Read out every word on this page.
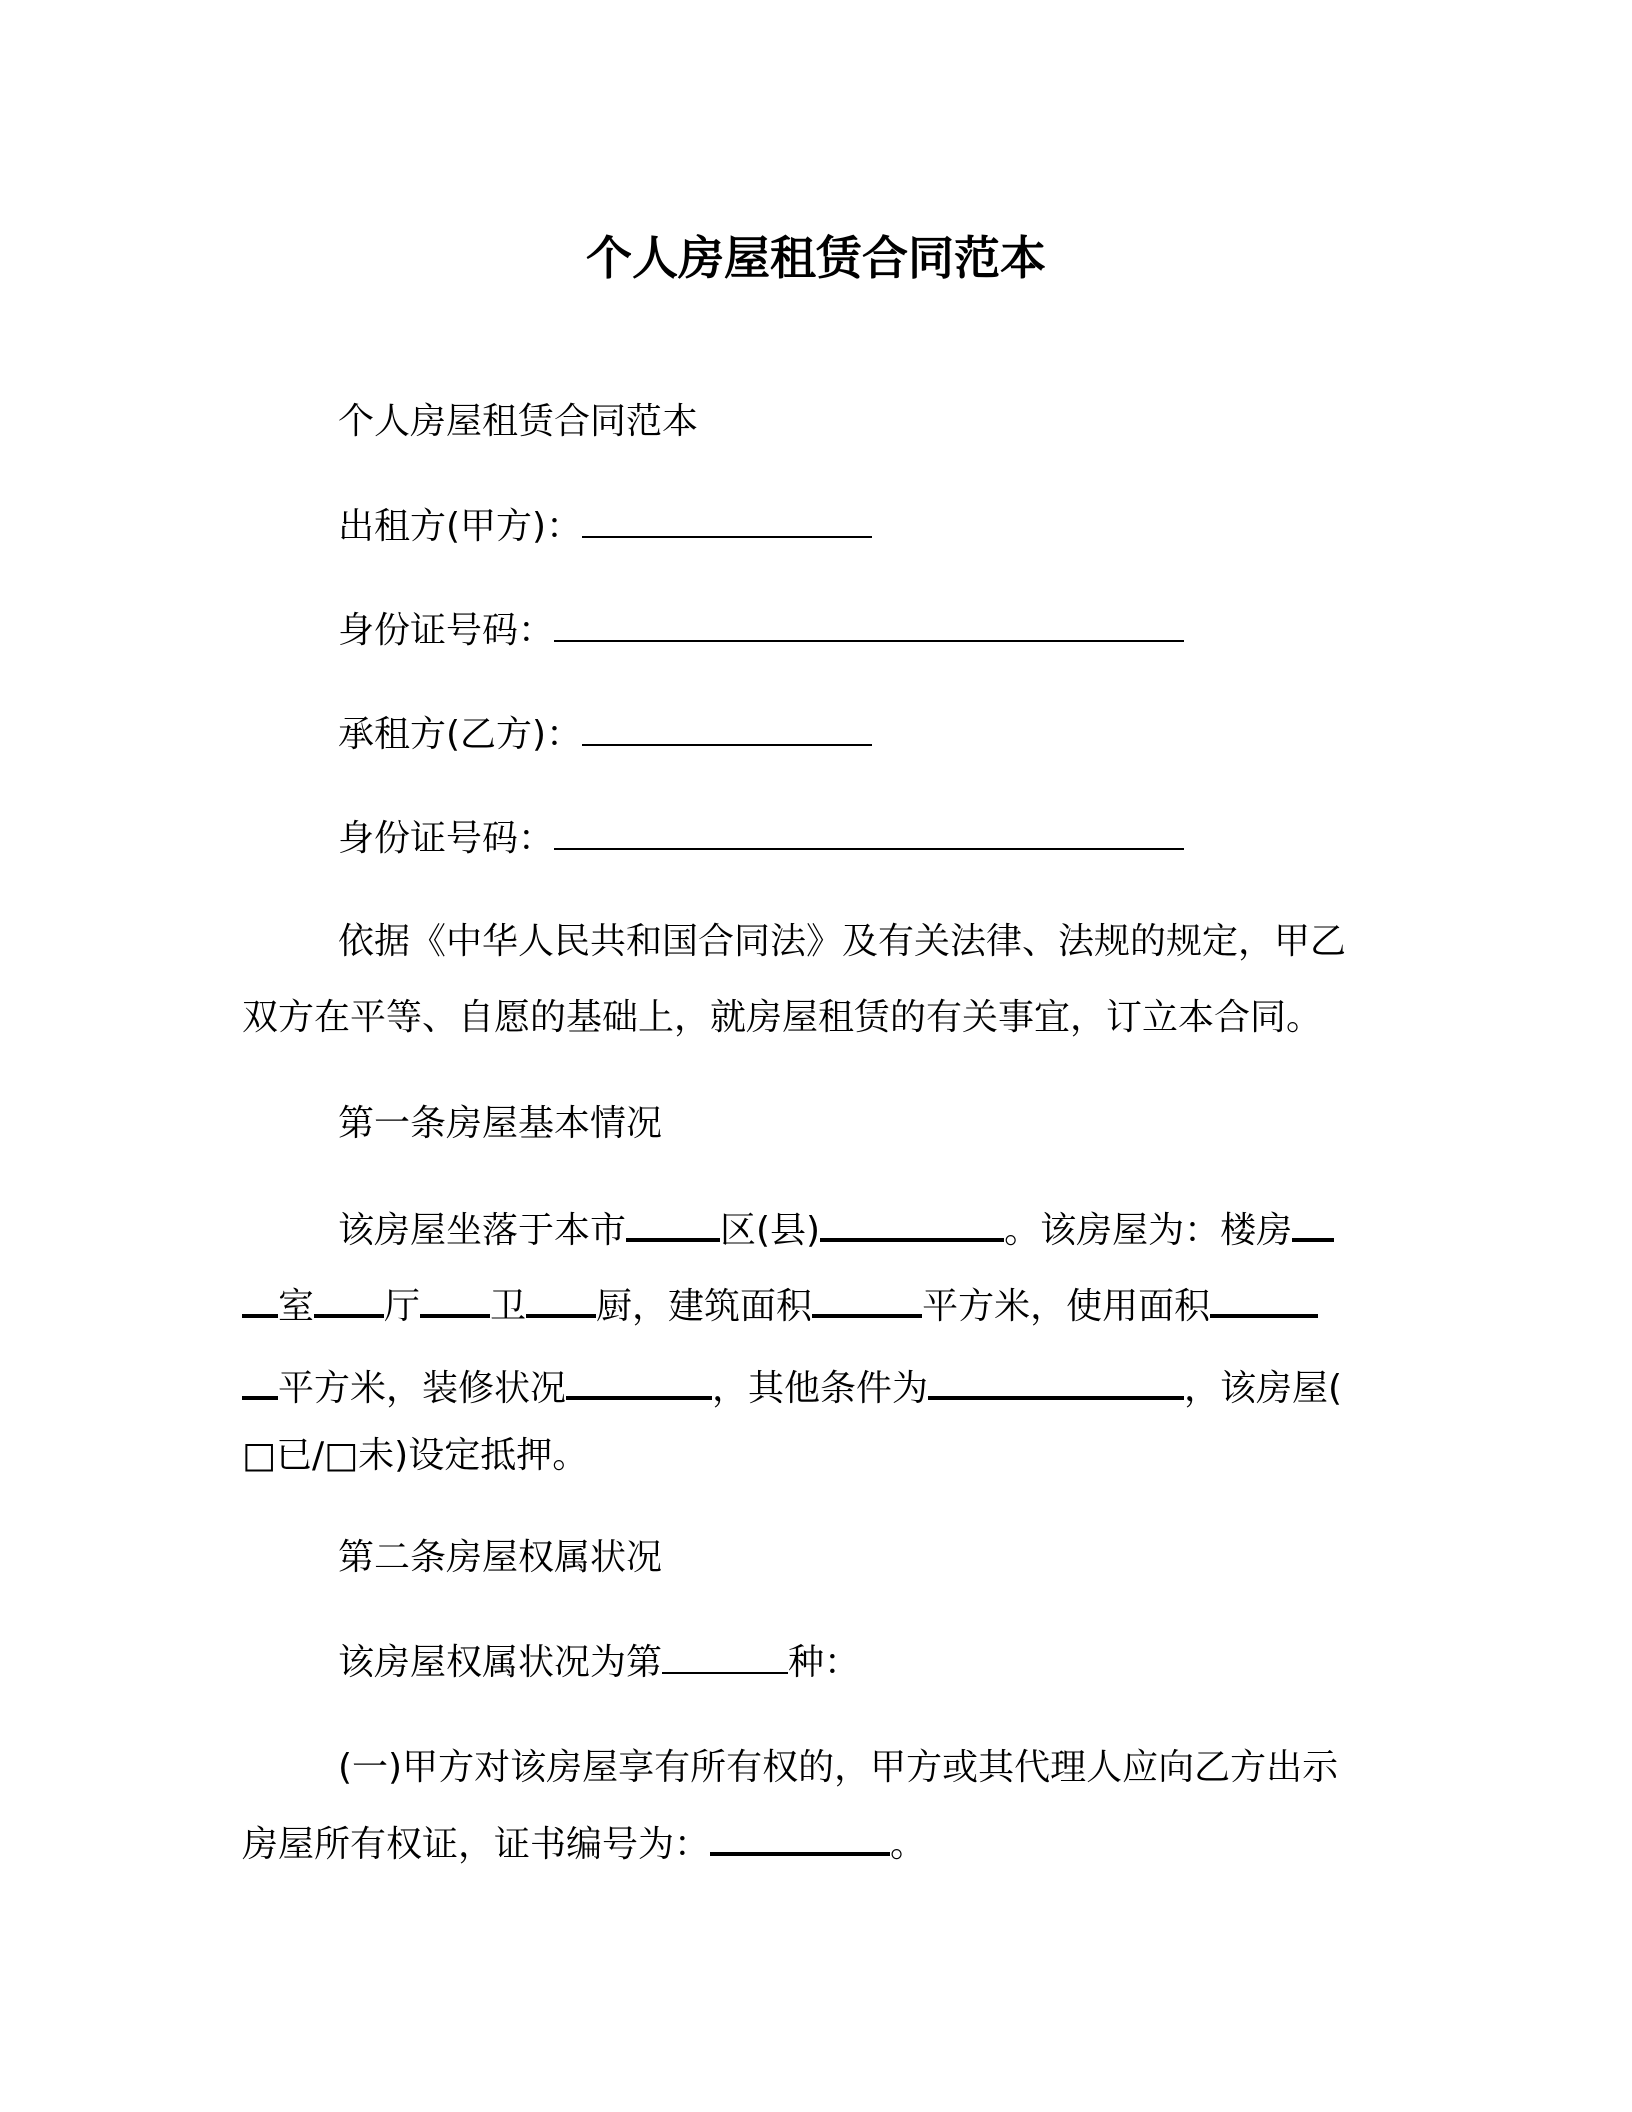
个人房屋租赁合同范本
个人房屋租赁合同范本
出租方(甲方)：
身份证号码：
承租方(乙方)：
身份证号码：
依据《中华人民共和国合同法》及有关法律、法规的规定，甲乙
双方在平等、自愿的基础上，就房屋租赁的有关事宜，订立本合同。
第一条房屋基本情况
该房屋坐落于本市	区(县)	。该房屋为：楼房
室 厅 卫 厨，建筑面积	平方米，使用面积
平方米，装修状况	，其他条件为	，该房屋(
□已/□未)设定抵押。
第二条房屋权属状况
该房屋权属状况为第	种：
(一)甲方对该房屋享有所有权的，甲方或其代理人应向乙方出示
房屋所有权证，证书编号为：	。
